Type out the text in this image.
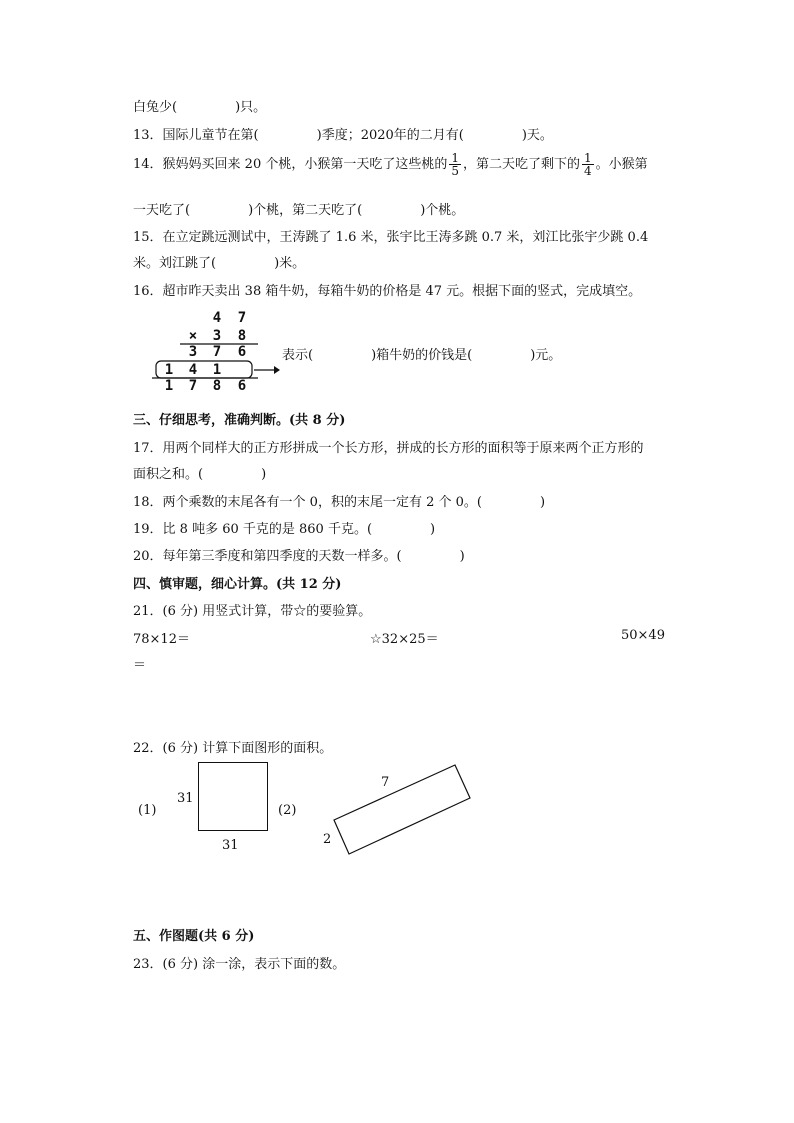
白兔少(	)只。
13．国际儿童节在第(	)季度；2020年的二月有(	)天。
14．猴妈妈买回来 20 个桃，小猴第一天吃了这些桃的 $\frac{1}{5}$ ，第二天吃了剩下的 $\frac{1}{4}$ 。小猴第
一天吃了(	)个桃，第二天吃了(	)个桃。
15．在立定跳远测试中，王涛跳了 1.6 米，张宇比王涛多跳 0.7 米，刘江比张宇少跳 0.4
米。刘江跳了(	)米。
16．超市昨天卖出 38 箱牛奶，每箱牛奶的价格是 47 元。根据下面的竖式，完成填空。
4 7
× 3 8
3 7 6
1 4 1
1 7 8 6
表示(	)箱牛奶的价钱是(	)元。
三、仔细思考，准确判断。(共 8 分)
17．用两个同样大的正方形拼成一个长方形，拼成的长方形的面积等于原来两个正方形的
面积之和。(	)
18．两个乘数的末尾各有一个 0，积的末尾一定有 2 个 0。(	)
19．比 8 吨多 60 千克的是 860 千克。(	)
20．每年第三季度和第四季度的天数一样多。(	)
四、慎审题，细心计算。(共 12 分)
21．(6 分) 用竖式计算，带☆的要验算。
78×12＝	☆32×25＝	50×49
＝
22．(6 分) 计算下面图形的面积。
(1)
31
31
(2)
7
2
五、作图题(共 6 分)
23．(6 分) 涂一涂，表示下面的数。
